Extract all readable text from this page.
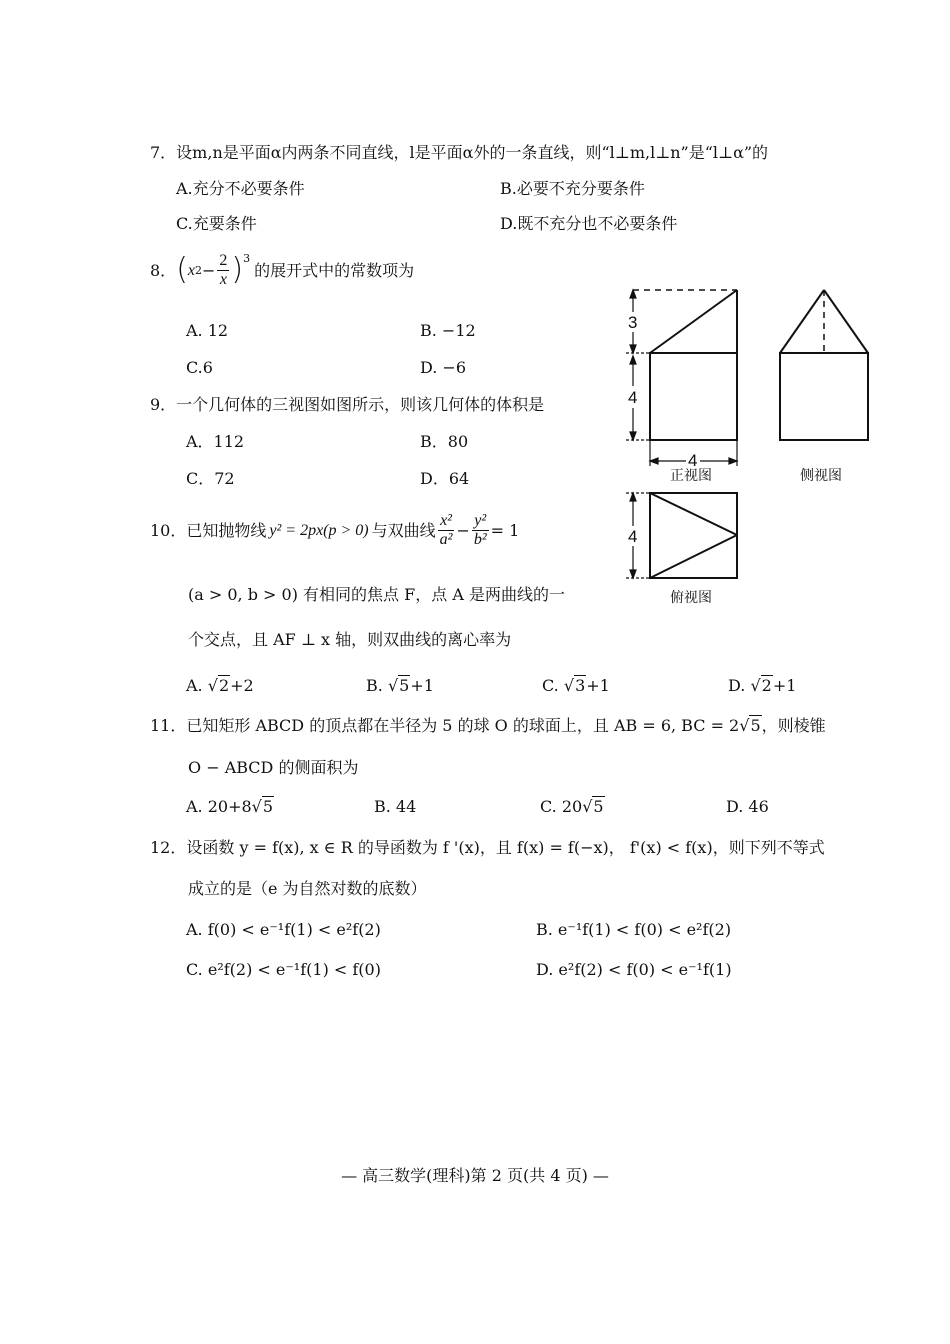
7．设m,n是平面α内两条不同直线，l是平面α外的一条直线，则“l⊥m,l⊥n”是“l⊥α”的
A.充分不必要条件	B.必要不充分要条件
C.充要条件	D.既不充分也不必要条件
8． ( x $2 - \frac{2}{x} )^3$
的展开式中的常数项为
A. 12	B. −12
C.6	D. −6
9．一个几何体的三视图如图所示，则该几何体的体积是
A．112	B．80
C．72	D．64
10．已知抛物线 y² = 2px(p > 0) 与双曲线 $\frac{\text{x²}}{\text{a²}} - \frac{\text{y²}}{\text{b²}} = 1$
(a > 0, b > 0) 有相同的焦点 F，点 A 是两曲线的一
个交点，且 AF ⊥ x 轴，则双曲线的离心率为
A. √2+2	B. √5+1	C. √3+1	D. √2+1
11．已知矩形 ABCD 的顶点都在半径为 5 的球 O 的球面上，且 AB = 6, BC = 2√5，则棱锥
O − ABCD 的侧面积为
A. 20+8√5	B. 44	C. 20√5	D. 46
12．设函数 y = f(x), x ∈ R 的导函数为 f '(x)，且 f(x) = f(−x)， f'(x) < f(x)，则下列不等式
成立的是（e 为自然对数的底数）
A. f(0) < e⁻¹f(1) < e²f(2)	B. e⁻¹f(1) < f(0) < e²f(2)
C. e²f(2) < e⁻¹f(1) < f(0)	D. e²f(2) < f(0) < e⁻¹f(1)
3
4
4
4
正视图	侧视图
俯视图
— 高三数学(理科)第 2 页(共 4 页) —
